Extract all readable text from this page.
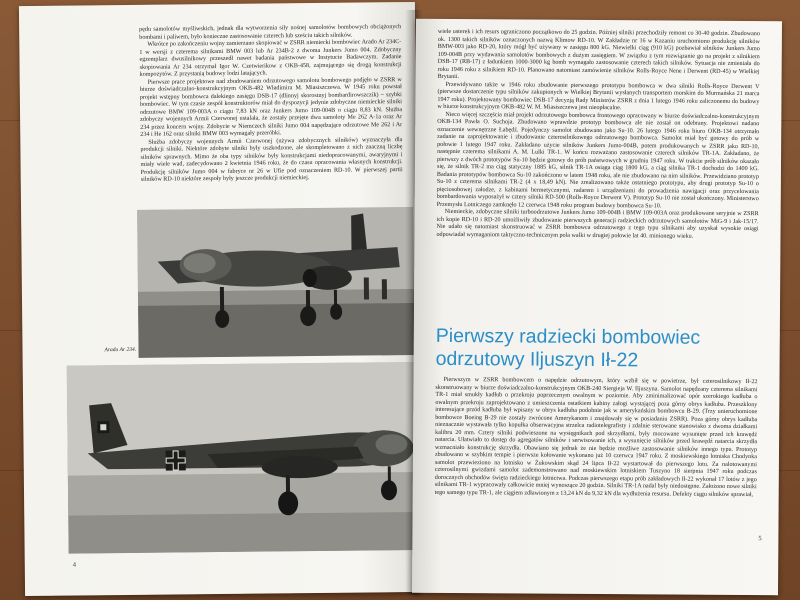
pędu samolotów myśliwskich, jednak dla wytworzenia siły nośnej samolotów bombowych obciążonych bombami i paliwem, było konieczne zastosowanie czterech lub sześciu takich silników.

Wkrótce po zakończeniu wojny zamierzano skopiować w ZSRR niemiecki bombowiec Arado Ar 234C-1 w wersji z czterema silnikami BMW 003 lub Ar 234B-2 z dwoma Junkers Jumo 004. Zdobyczny egzemplarz dwusilnikowy przeszedł nawet badania państwowe w Instytucie Badawczym. Zadanie skopiowania Ar 234 otrzymał Igor W. Czetwierikow z OKB-458, zajmującego się drogą konstrukcji kompozytów. Z przystanią budowy lodzi latających.

Pierwsze prace projektowe nad zbudowaniem odrzutowego samolotu bombowego podjęło w ZSRR w biurze doświadczalno-konstrukcyjnym OKB-482 Władimira M. Miasiszczewa. W 1945 roku powstał projekt wstępny bombowca dalekiego zasięgu DSB-17 (dlinnyj skorostnyj bombardirowszczik) – szybki bombowiec. W tym czasie zespół konstruktorów miał do dyspozycji jedynie zdobyczne niemieckie silniki odrzutowe BMW 109-003A o ciągu 7,83 kN oraz Junkers Jumo 109-004B o ciągu 8,83 kN. Służba zdobyczy wojennych Armii Czerwonej ustalała, że zostały przejęte dwa samoloty Me 262 A-1a oraz Ar 234 przez koncern wojny. Zdobycie w Niemczech silniki Jumo 004 napędzające odrzutowe Me 262 i Ar 234 i He 162 oraz silniki BMW 003 wymagały przeróbki.

Służba zdobyczy wojennych Armii Czerwonej (używa zdobycznych silników) wyznaczyła dla produkcji silniki. Niektóre zdobyte silniki były uszkodzone, ale skompletowano z nich znaczną liczbę silników sprawnych. Mimo że oba typy silników były konstrukcjami niedopracowanymi, awaryjnymi i miały wiele wad, zadecydowano 2 kwietnia 1946 roku, że do czasu opracowania własnych konstrukcji. Produkcję silników Jumo 004 w fabryce nr 26 w Ufie pod oznaczeniem RD-10. W pierwszej partii silników RD-10 niektóre zespoły były jeszcze produkcji niemieckiej.

Arado Ar 234.
4

wiele usterek i ich resurs ograniczono początkowo do 25 godzin. Później silniki przechodziły remont co 30-40 godzin. Zbudowano ok. 1300 takich silników oznaczonych nazwą Klimow RD-10. W Zakładzie nr 16 w Kazaniu uruchomiono produkcję silników BMW-003 jako RD-20, który mógł być używany w zasięgu 800 kG. Niewielki ciąg (910 kG) pozbawiał silników Junkers Jumo 109-004B przy wydawania samolotów bombowych z dużym zasięgiem. W związku z tym rozwiązanie go na projekt z silnikiem DSB-17 (RB-17) z ładunkiem 1000-3000 kg bomb wymagało zastosowanie czterech takich silników. Sytuacja nie zmieniała do roku 1946 roku z silnikiem RD-10. Planowano natomiast zamówienie silników Rolls-Royce Nene i Derwent (RD-45) w Wielkiej Brytanii.

Przewidywano także w 1946 roku zbudowanie pierwszego prototypu bombowca w dwa silniki Rolls-Royce Derwent V (pierwsze dostarczenie typu silników zakupionych w Wielkiej Brytanii wysłanych transportem morskim do Murmańska 21 marca 1947 roku). Projektowany bombowiec DSB-17 decyzją Rady Ministrów ZSRR z dnia 1 lutego 1946 roku zaliczonemu do budowy w biurze konstrukcyjnym OKB-482 W. M. Miasiszczewa jest nieopłacalne.

Nieco więcej szczęścia miał projekt odrzutowego bombowca frontowego opracowany w biurze doświadczalno-konstrukcyjnym OKB-134 Pawła O. Suchoja. Zbudowano wprawdzie prototyp bombowca ale nie został on odebrany. Projektowi nadano oznaczenie wewnętrzne Łabędź. Pojedynczy samolot zbudowano jako Su-10. 26 lutego 1946 roku biuro OKB-134 otrzymało zadanie na zaprojektowanie i zbudowanie czterosilnikowego odrzutowego bombowca. Samolot miał być gotowy do prób w połowie 1 lutego 1947 roku. Zakładano użycie silników Junkers Jumo-004B, potem produkowanych w ZSRR jako RD-10, następnie czterema silnikami A. M. Lulki TR-1. W końcu rozważano zastosowanie czterech silników TR-1A. Zakładano, że pierwszy z dwóch prototypów Su-10 będzie gotowy do prób państwowych w grudniu 1947 roku. W trakcie prób silników okazało się, że silnik TR-2 ma ciąg statyczny 1885 kG, silnik TR-1A osiąga ciąg 1800 kG, a ciąg silnika TR-1 dochodzi do 1400 kG. Badania prototypów bombowca Su-10 zakończono w latem 1948 roku, ale nie zbudowano na nim silników. Przewidziano prototyp Su-10 z czterema silnikami TR-2 (4 x 18,49 kN). Nie zrealizowano także ostatniego prototypu, aby drugi prototyp Su-10 o pięciosobowej załodze, z kabinami hermetycznymi, radarem i urządzeniami do prowadzenia nawigacji oraz przycelowania bombardowania wyposażył w cztery silniki RD-500 (Rolls-Royce Derwent V). Prototyp Su-10 nie został ukończony. Ministerstwo Przemysłu Lotniczego zamknęło 12 czerwca 1948 roku program budowy bombowca Su-10.

Niemieckie, zdobyczne silniki turboodrzutowe Junkers Jumo 109-004B i BMW 109-003A oraz produkowane seryjnie w ZSRR ich kopie RD-10 i RD-20 umożliwiły zbudowanie pierwszych generacji radzieckich odrzutowych samolotów MiG-9 i Jak-15/17. Nie udało się natomiast skonstruować w ZSRR bombowca odrzutowego z tego typu silnikami aby uzyskał wysokie osiągi odpowiadał wymaganiom taktyczno-technicznym pola walki w drugiej połowie lat 40. minionego wieku.

Pierwszy radziecki bombowiec
odrzutowy Iljuszyn Ił-22

Pierwszym w ZSRR bombowcem o napędzie odrzutowym, który wzbił się w powietrze, był czterosilnikowy Ił-22 skonstruowany w biurze doświadczalno-konstrukcyjnym OKB-240 Siergieja W. Iljuszyna. Samolot napędzany czterema silnikami TR-1 miał smukły kadłub o przekroju poprzecznym owalnym w poziomie. Aby zminimalizować opór szerokiego kadłuba o owalnym przekroju zaprojektowano z umieszczenia ostatkiem kabiny załogi wystającej poza górny obrys kadłuba. Przeszklony interesujące przód kadłuba był wpisany w obrys kadłuba podobnie jak w amerykańskim bombowcu B-29. (Trzy unieruchomione bombowce Boeing B-29 nie zostały zwrócone Amerykanom i znajdowały się w posiadaniu ZSRR). Poza górny obrys kadłuba nieznacznie wystawała tylko kopułka obserwacyjna strzelca radiotelegrafisty i zdalnie sterowane stanowisko z dwoma działkami kalibru 20 mm. Cztery silniki podwieszone na wysięgnikach pod skrzydłami, były mocowane wysunięte przed ich krawędź natarcia. Ułatwiało to dostęp do agregatów silników i serwisowanie ich, a wysunięcie silników przed krawędź natarcia skrzydła wzmacniało konstrukcję skrzydła. Obawiano się jednak że nie będzie możliwe zastosowanie silników innego typu. Prototyp zbudowano w szybkim tempie i pierwsze kołowanie wykonano już 10 czerwca 1947 roku. Z moskiewskiego lotniska Chodynka samolot przewieziono na lotnisko w Żukowskim skąd 24 lipca Ił-22 wystartował do pierwszego lotu. Za nalotowanymi czterosilnymi gwizdami samolot zademonstrowano nad moskiewskim lotniskiem Tuszyno 18 sierpnia 1947 roku podczas dorocznych obchodów święta radzieckiego lotnictwa. Podczas pierwszego etapu prób zakładowych Ił-22 wykonał 17 lotów z jego silnikami TR-1 wypracowały całkowicie mniej wynoszące 20 godzin. Silniki TR-1A nadal były niedostępne. Założono nowe silniki tego samego typu TR-1, ale ciągiem zdławionym z 13,24 kN do 9,32 kN dla wydłużenia resursu. Defekty ciągu silników sprawiał,

5
